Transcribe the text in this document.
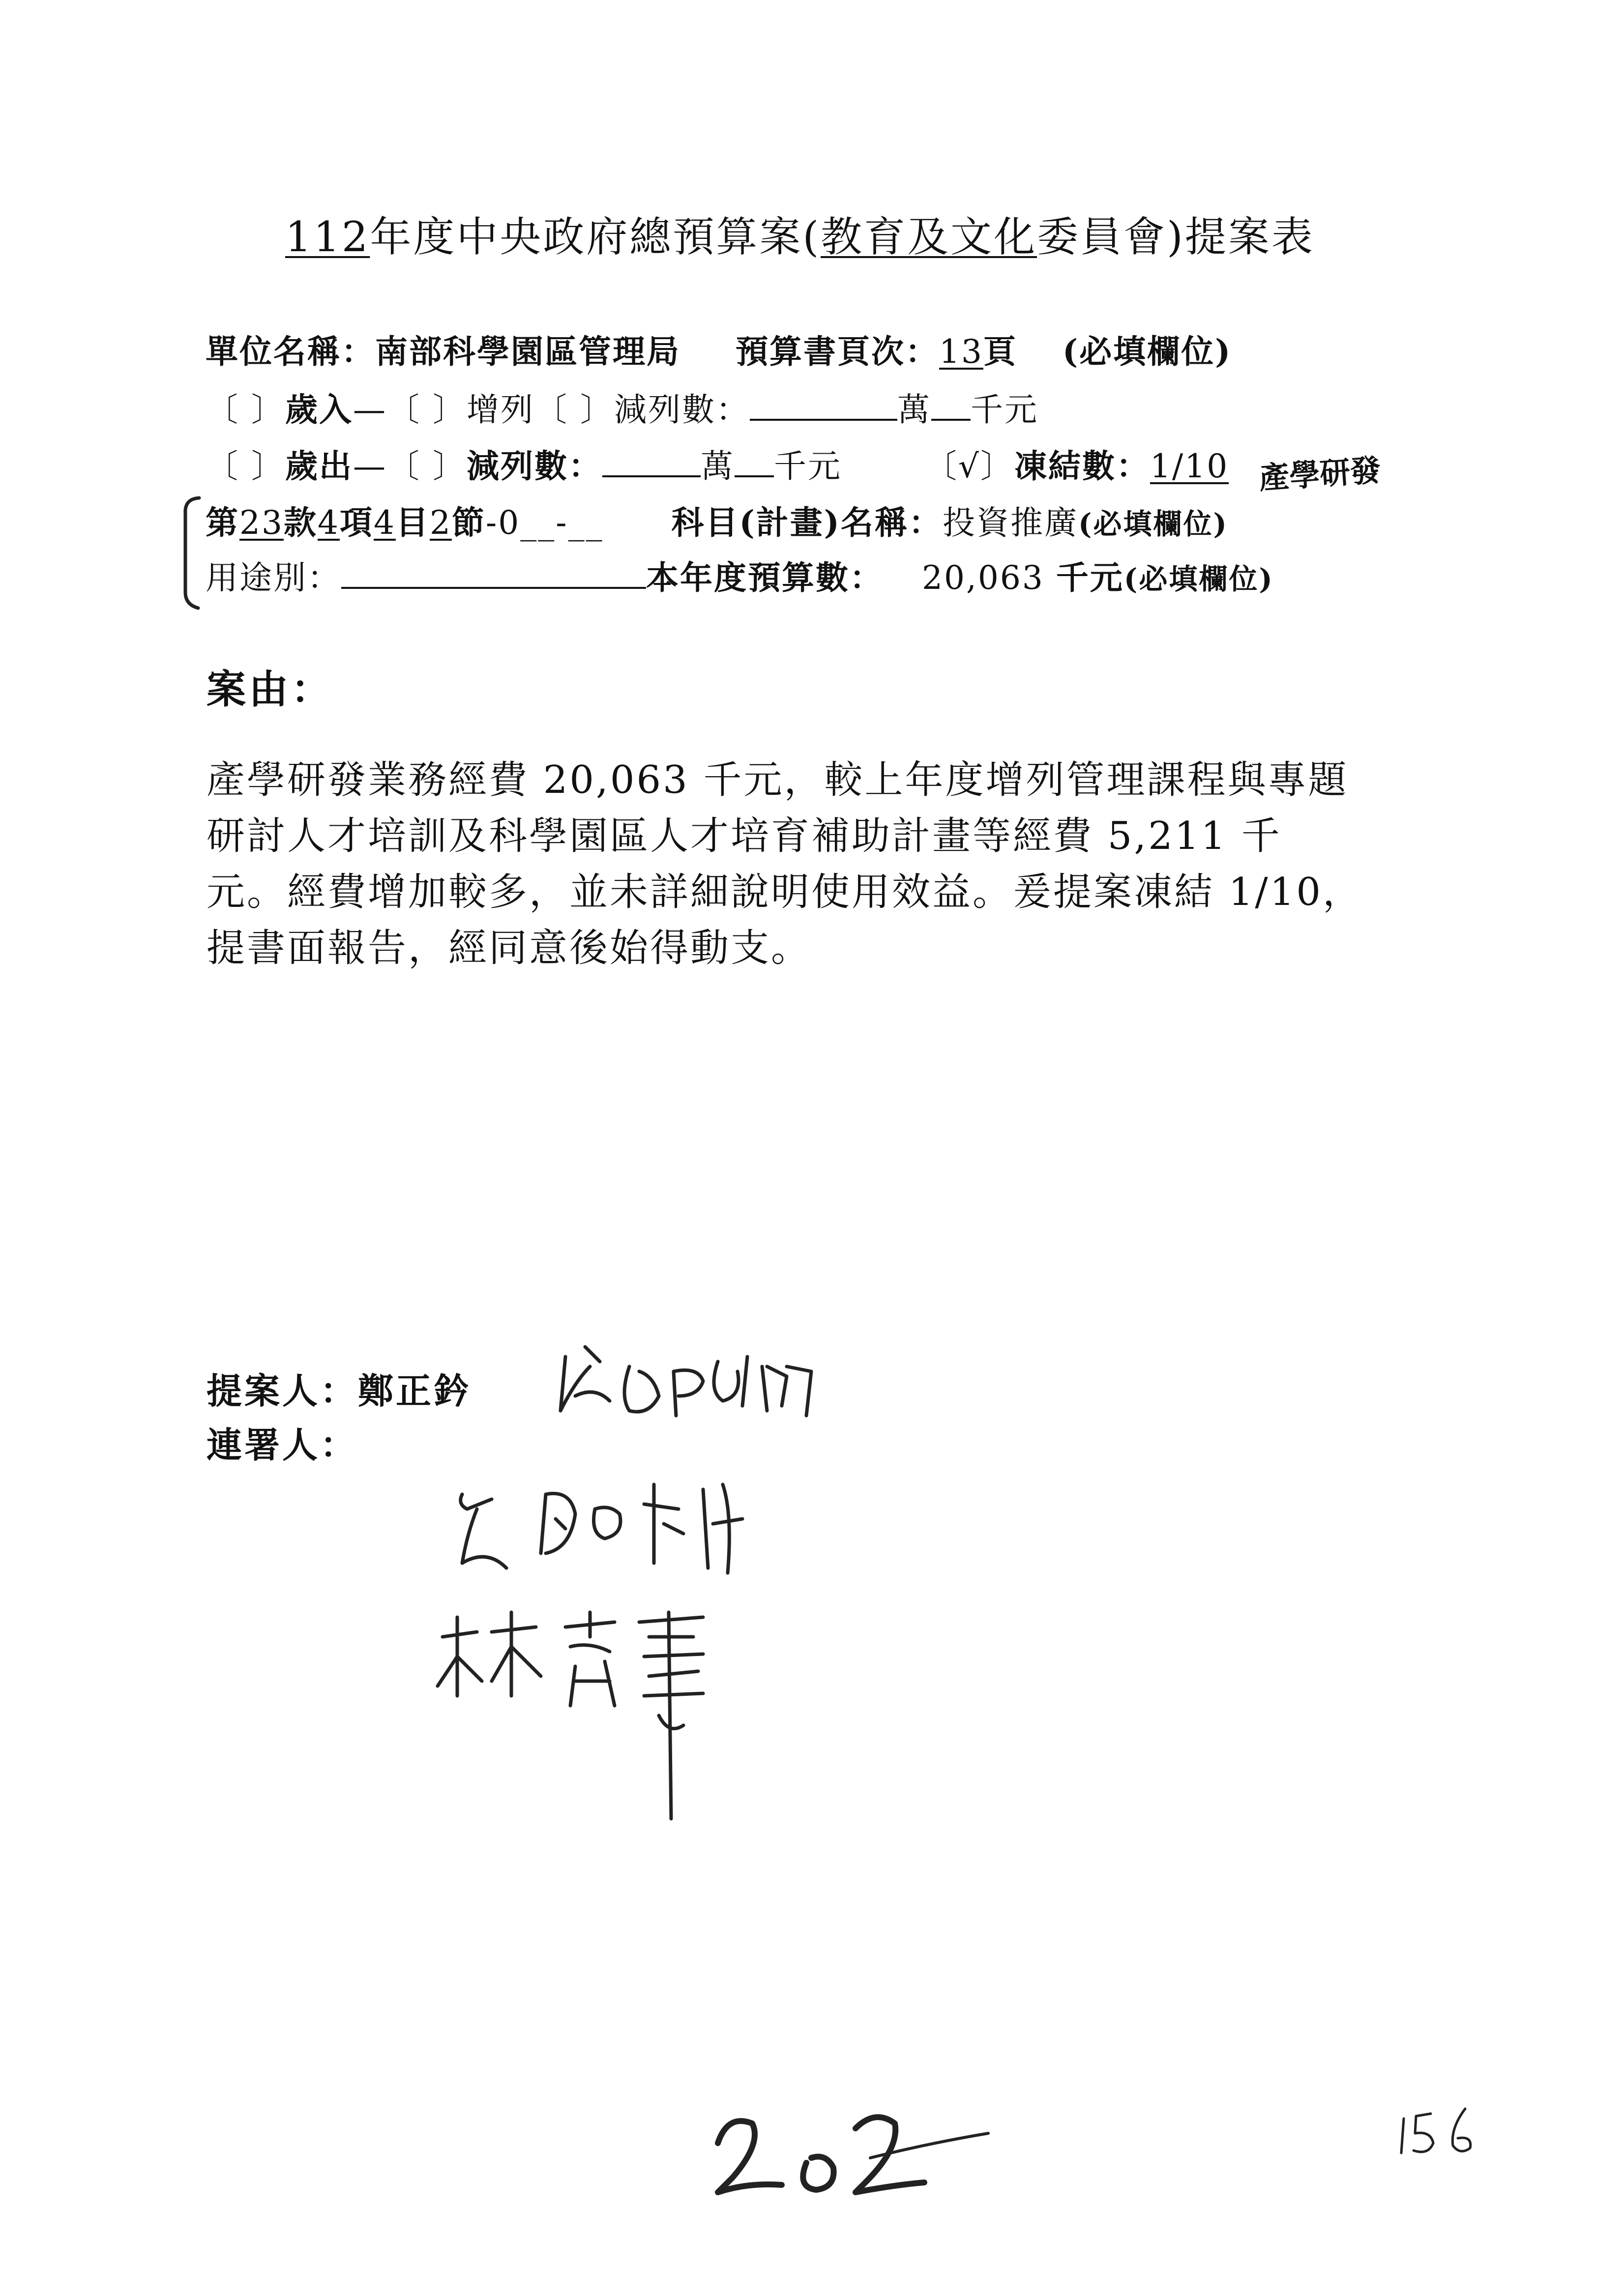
112年度中央政府總預算案(教育及文化委員會)提案表
單位名稱：南部科學園區管理局 預算書頁次：13頁 (必填欄位)
〔 〕歲入—〔 〕增列〔 〕減列數：	萬 千元
〔 〕歲出—〔 〕減列數：	萬 千元	〔√〕凍結數：1/10 產學研發
第23款4項4目2節-0__-__ 科目(計畫)名稱：投資推廣(必填欄位)
用途別：	本年度預算數： 20,063 千元(必填欄位)
案由：

產學研發業務經費 20,063 千元，較上年度增列管理課程與專題

研討人才培訓及科學園區人才培育補助計畫等經費 5,211 千

元。經費增加較多，並未詳細說明使用效益。爰提案凍結 1/10，

提書面報告，經同意後始得動支。

提案人：鄭正鈐
連署人：
